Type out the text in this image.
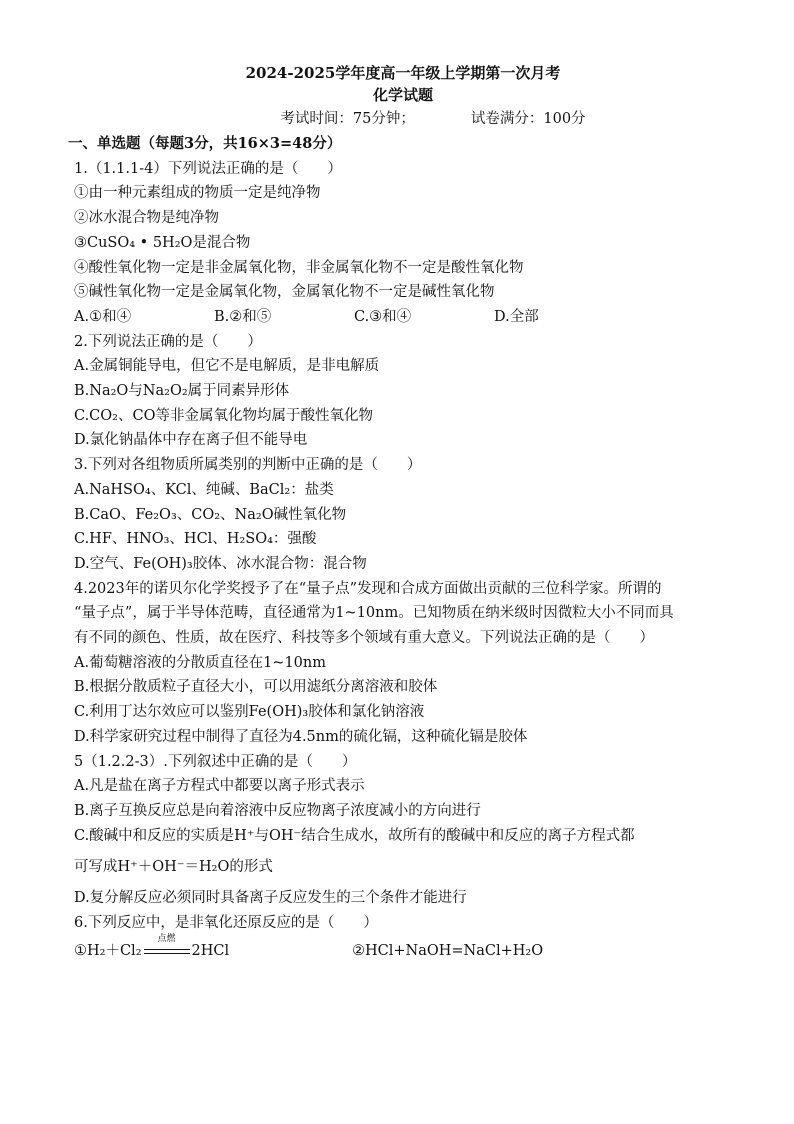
2024-2025学年度高一年级上学期第一次月考
化学试题
考试时间：75分钟；	试卷满分：100分
一、单选题（每题3分，共16×3=48分）
1.（1.1.1-4）下列说法正确的是（　　）
①由一种元素组成的物质一定是纯净物
②冰水混合物是纯净物
③CuSO₄ • 5H₂O是混合物
④酸性氧化物一定是非金属氧化物，非金属氧化物不一定是酸性氧化物
⑤碱性氧化物一定是金属氧化物，金属氧化物不一定是碱性氧化物
A.①和④	B.②和⑤	C.③和④	D.全部
2.下列说法正确的是（　　）
A.金属铜能导电，但它不是电解质，是非电解质
B.Na₂O与Na₂O₂属于同素异形体
C.CO₂、CO等非金属氧化物均属于酸性氧化物
D.氯化钠晶体中存在离子但不能导电
3.下列对各组物质所属类别的判断中正确的是（　　）
A.NaHSO₄、KCl、纯碱、BaCl₂：盐类
B.CaO、Fe₂O₃、CO₂、Na₂O碱性氧化物
C.HF、HNO₃、HCl、H₂SO₄：强酸
D.空气、Fe(OH)₃胶体、冰水混合物：混合物
4.2023年的诺贝尔化学奖授予了在“量子点”发现和合成方面做出贡献的三位科学家。所谓的
“量子点”，属于半导体范畴，直径通常为1~10nm。已知物质在纳米级时因微粒大小不同而具
有不同的颜色、性质，故在医疗、科技等多个领域有重大意义。下列说法正确的是（　　）
A.葡萄糖溶液的分散质直径在1~10nm
B.根据分散质粒子直径大小，可以用滤纸分离溶液和胶体
C.利用丁达尔效应可以鉴别Fe(OH)₃胶体和氯化钠溶液
D.科学家研究过程中制得了直径为4.5nm的硫化镉，这种硫化镉是胶体
5（1.2.2-3）.下列叙述中正确的是（　　）
A.凡是盐在离子方程式中都要以离子形式表示
B.离子互换反应总是向着溶液中反应物离子浓度减小的方向进行
C.酸碱中和反应的实质是H⁺与OH⁻结合生成水，故所有的酸碱中和反应的离子方程式都
可写成H⁺＋OH⁻＝H₂O的形式
D.复分解反应必须同时具备离子反应发生的三个条件才能进行
6.下列反应中，是非氧化还原反应的是（　　）
①H₂＋Cl₂
点燃
2HCl	②HCl+NaOH=NaCl+H₂O
